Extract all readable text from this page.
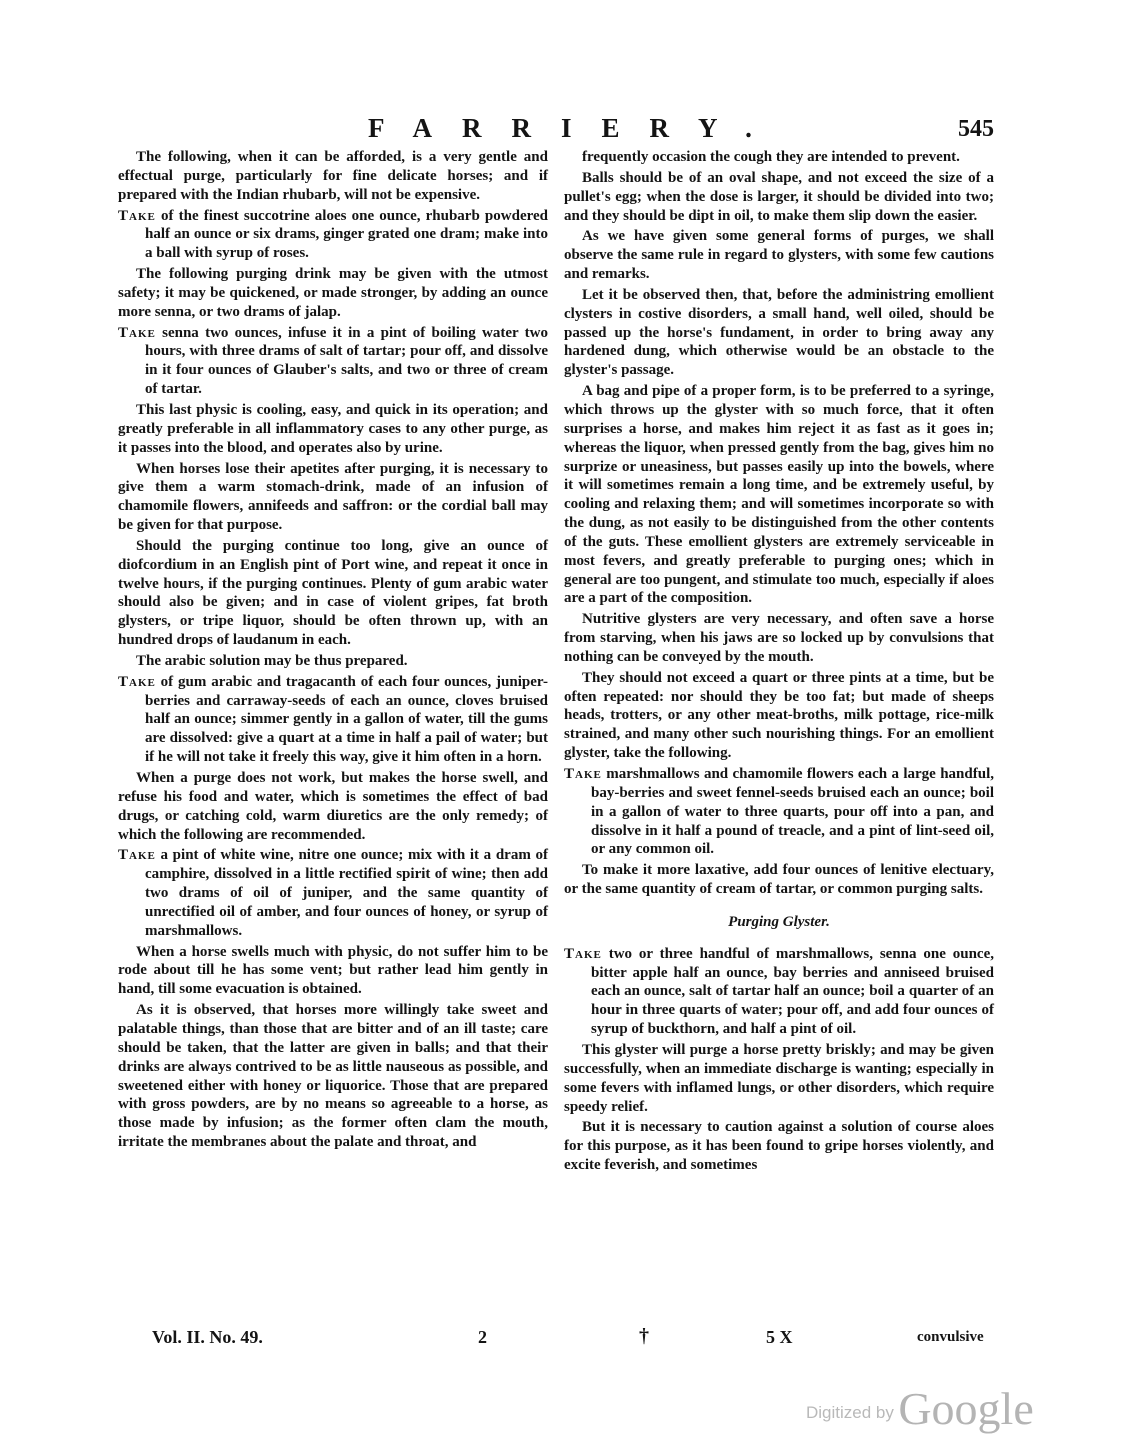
FARRIERY.	545

The following, when it can be afforded, is a very gentle and effectual purge, particularly for fine delicate horses; and if prepared with the Indian rhubarb, will not be expensive.

Take of the finest succotrine aloes one ounce, rhubarb powdered half an ounce or six drams, ginger grated one dram; make into a ball with syrup of roses.

The following purging drink may be given with the utmost safety; it may be quickened, or made stronger, by adding an ounce more senna, or two drams of jalap.

Take senna two ounces, infuse it in a pint of boiling water two hours, with three drams of salt of tartar; pour off, and dissolve in it four ounces of Glauber's salts, and two or three of cream of tartar.

This last physic is cooling, easy, and quick in its operation; and greatly preferable in all inflammatory cases to any other purge, as it passes into the blood, and operates also by urine.

When horses lose their apetites after purging, it is necessary to give them a warm stomach-drink, made of an infusion of chamomile flowers, annifeeds and saffron: or the cordial ball may be given for that purpose.

Should the purging continue too long, give an ounce of diofcordium in an English pint of Port wine, and repeat it once in twelve hours, if the purging continues. Plenty of gum arabic water should also be given; and in case of violent gripes, fat broth glysters, or tripe liquor, should be often thrown up, with an hundred drops of laudanum in each.

The arabic solution may be thus prepared.

Take of gum arabic and tragacanth of each four ounces, juniper-berries and carraway-seeds of each an ounce, cloves bruised half an ounce; simmer gently in a gallon of water, till the gums are dissolved: give a quart at a time in half a pail of water; but if he will not take it freely this way, give it him often in a horn.

When a purge does not work, but makes the horse swell, and refuse his food and water, which is sometimes the effect of bad drugs, or catching cold, warm diuretics are the only remedy; of which the following are recommended.

Take a pint of white wine, nitre one ounce; mix with it a dram of camphire, dissolved in a little rectified spirit of wine; then add two drams of oil of juniper, and the same quantity of unrectified oil of amber, and four ounces of honey, or syrup of marshmallows.

When a horse swells much with physic, do not suffer him to be rode about till he has some vent; but rather lead him gently in hand, till some evacuation is obtained.

As it is observed, that horses more willingly take sweet and palatable things, than those that are bitter and of an ill taste; care should be taken, that the latter are given in balls; and that their drinks are always contrived to be as little nauseous as possible, and sweetened either with honey or liquorice. Those that are prepared with gross powders, are by no means so agreeable to a horse, as those made by infusion; as the former often clam the mouth, irritate the membranes about the palate and throat, and

frequently occasion the cough they are intended to prevent.

Balls should be of an oval shape, and not exceed the size of a pullet's egg; when the dose is larger, it should be divided into two; and they should be dipt in oil, to make them slip down the easier.

As we have given some general forms of purges, we shall observe the same rule in regard to glysters, with some few cautions and remarks.

Let it be observed then, that, before the administring emollient clysters in costive disorders, a small hand, well oiled, should be passed up the horse's fundament, in order to bring away any hardened dung, which otherwise would be an obstacle to the glyster's passage.

A bag and pipe of a proper form, is to be preferred to a syringe, which throws up the glyster with so much force, that it often surprises a horse, and makes him reject it as fast as it goes in; whereas the liquor, when pressed gently from the bag, gives him no surprize or uneasiness, but passes easily up into the bowels, where it will sometimes remain a long time, and be extremely useful, by cooling and relaxing them; and will sometimes incorporate so with the dung, as not easily to be distinguished from the other contents of the guts. These emollient glysters are extremely serviceable in most fevers, and greatly preferable to purging ones; which in general are too pungent, and stimulate too much, especially if aloes are a part of the composition.

Nutritive glysters are very necessary, and often save a horse from starving, when his jaws are so locked up by convulsions that nothing can be conveyed by the mouth.

They should not exceed a quart or three pints at a time, but be often repeated: nor should they be too fat; but made of sheeps heads, trotters, or any other meat-broths, milk pottage, rice-milk strained, and many other such nourishing things. For an emollient glyster, take the following.

Take marshmallows and chamomile flowers each a large handful, bay-berries and sweet fennel-seeds bruised each an ounce; boil in a gallon of water to three quarts, pour off into a pan, and dissolve in it half a pound of treacle, and a pint of lint-seed oil, or any common oil.

To make it more laxative, add four ounces of lenitive electuary, or the same quantity of cream of tartar, or common purging salts.

Purging Glyster.

Take two or three handful of marshmallows, senna one ounce, bitter apple half an ounce, bay berries and anniseed bruised each an ounce, salt of tartar half an ounce; boil a quarter of an hour in three quarts of water; pour off, and add four ounces of syrup of buckthorn, and half a pint of oil.

This glyster will purge a horse pretty briskly; and may be given successfully, when an immediate discharge is wanting; especially in some fevers with inflamed lungs, or other disorders, which require speedy relief.

But it is necessary to caution against a solution of course aloes for this purpose, as it has been found to gripe horses violently, and excite feverish, and sometimes

Vol. II. No. 49.	2	†	5 X	convulsive
Digitized by Google
